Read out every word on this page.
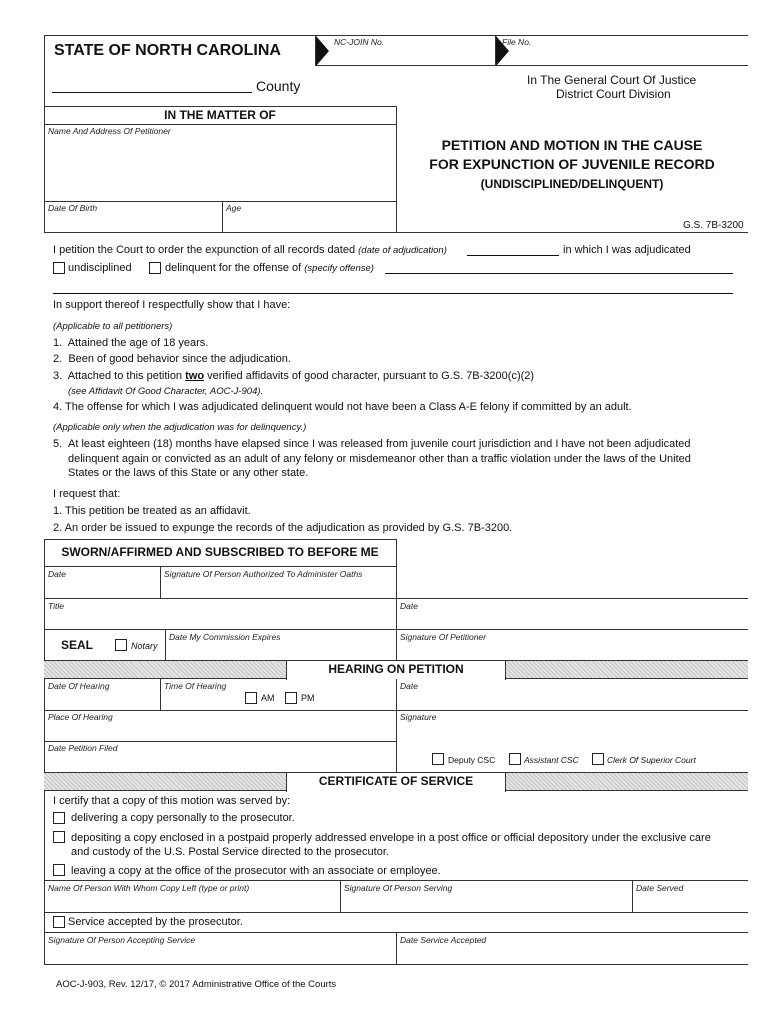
STATE OF NORTH CAROLINA	NC-JOIN No.	File No.
County	In The General Court Of Justice
District Court Division
IN THE MATTER OF
Name And Address Of Petitioner
Date Of Birth	Age
PETITION AND MOTION IN THE CAUSE
FOR EXPUNCTION OF JUVENILE RECORD
(UNDISCIPLINED/DELINQUENT)
G.S. 7B-3200
I petition the Court to order the expunction of all records dated (date of adjudication)	in which I was adjudicated
undisciplined	delinquent for the offense of (specify offense)
In support thereof I respectfully show that I have:
(Applicable to all petitioners)
1. Attained the age of 18 years.
2. Been of good behavior since the adjudication.
3. Attached to this petition two verified affidavits of good character, pursuant to G.S. 7B-3200(c)(2)
(see Affidavit Of Good Character, AOC-J-904).
4. The offense for which I was adjudicated delinquent would not have been a Class A-E felony if committed by an adult.
(Applicable only when the adjudication was for delinquency.)
5. At least eighteen (18) months have elapsed since I was released from juvenile court jurisdiction and I have not been adjudicated
delinquent again or convicted as an adult of any felony or misdemeanor other than a traffic violation under the laws of the United
States or the laws of this State or any other state.
I request that:
1. This petition be treated as an affidavit.
2. An order be issued to expunge the records of the adjudication as provided by G.S. 7B-3200.
SWORN/AFFIRMED AND SUBSCRIBED TO BEFORE ME
Date	Signature Of Person Authorized To Administer Oaths
Title	Date
SEAL	Notary
Date My Commission Expires	Signature Of Petitioner
HEARING ON PETITION
Date Of Hearing	Time Of Hearing
AM	PM
Date
Place Of Hearing	Signature
Date Petition Filed
Deputy CSC	Assistant CSC	Clerk Of Superior Court
CERTIFICATE OF SERVICE
I certify that a copy of this motion was served by:
delivering a copy personally to the prosecutor.
depositing a copy enclosed in a postpaid properly addressed envelope in a post office or official depository under the exclusive care
and custody of the U.S. Postal Service directed to the prosecutor.
leaving a copy at the office of the prosecutor with an associate or employee.
Name Of Person With Whom Copy Left (type or print)	Signature Of Person Serving	Date Served
Service accepted by the prosecutor.
Signature Of Person Accepting Service	Date Service Accepted
AOC-J-903, Rev. 12/17, © 2017 Administrative Office of the Courts
